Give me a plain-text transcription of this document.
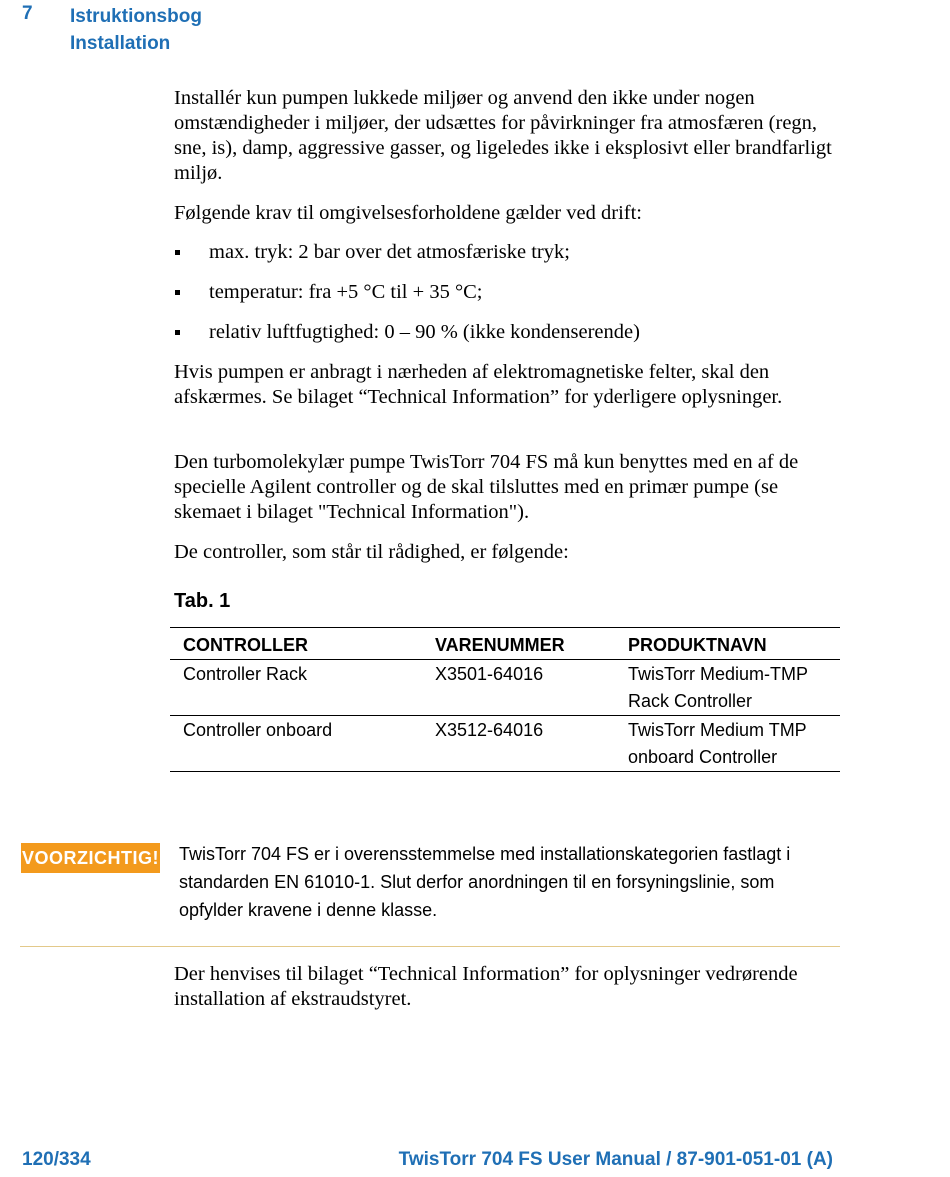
7 Istruktionsbog
Installation
Installér kun pumpen lukkede miljøer og anvend den ikke under nogen omstændigheder i miljøer, der udsættes for påvirkninger fra atmosfæren (regn, sne, is), damp, aggressive gasser, og ligeledes ikke i eksplosivt eller brandfarligt miljø.
Følgende krav til omgivelsesforholdene gælder ved drift:
max. tryk: 2 bar over det atmosfæriske tryk;
temperatur: fra +5 °C til + 35 °C;
relativ luftfugtighed: 0 – 90 % (ikke kondenserende)
Hvis pumpen er anbragt i nærheden af elektromagnetiske felter, skal den afskærmes. Se bilaget “Technical Information” for yderligere oplysninger.
Den turbomolekylær pumpe TwisTorr 704 FS må kun benyttes med en af de specielle Agilent controller og de skal tilsluttes med en primær pumpe (se skemaet i bilaget "Technical Information").
De controller, som står til rådighed, er følgende:
Tab. 1
CONTROLLER	VARENUMMER	PRODUKTNAVN
Controller Rack	X3501-64016	TwisTorr Medium-TMP Rack Controller
Controller onboard	X3512-64016	TwisTorr Medium TMP onboard Controller
VOORZICHTIG! TwisTorr 704 FS er i overensstemmelse med installationskategorien fastlagt i standarden EN 61010-1. Slut derfor anordningen til en forsyningslinie, som opfylder kravene i denne klasse.
Der henvises til bilaget “Technical Information” for oplysninger vedrørende installation af ekstraudstyret.
120/334	TwisTorr 704 FS User Manual / 87-901-051-01 (A)
